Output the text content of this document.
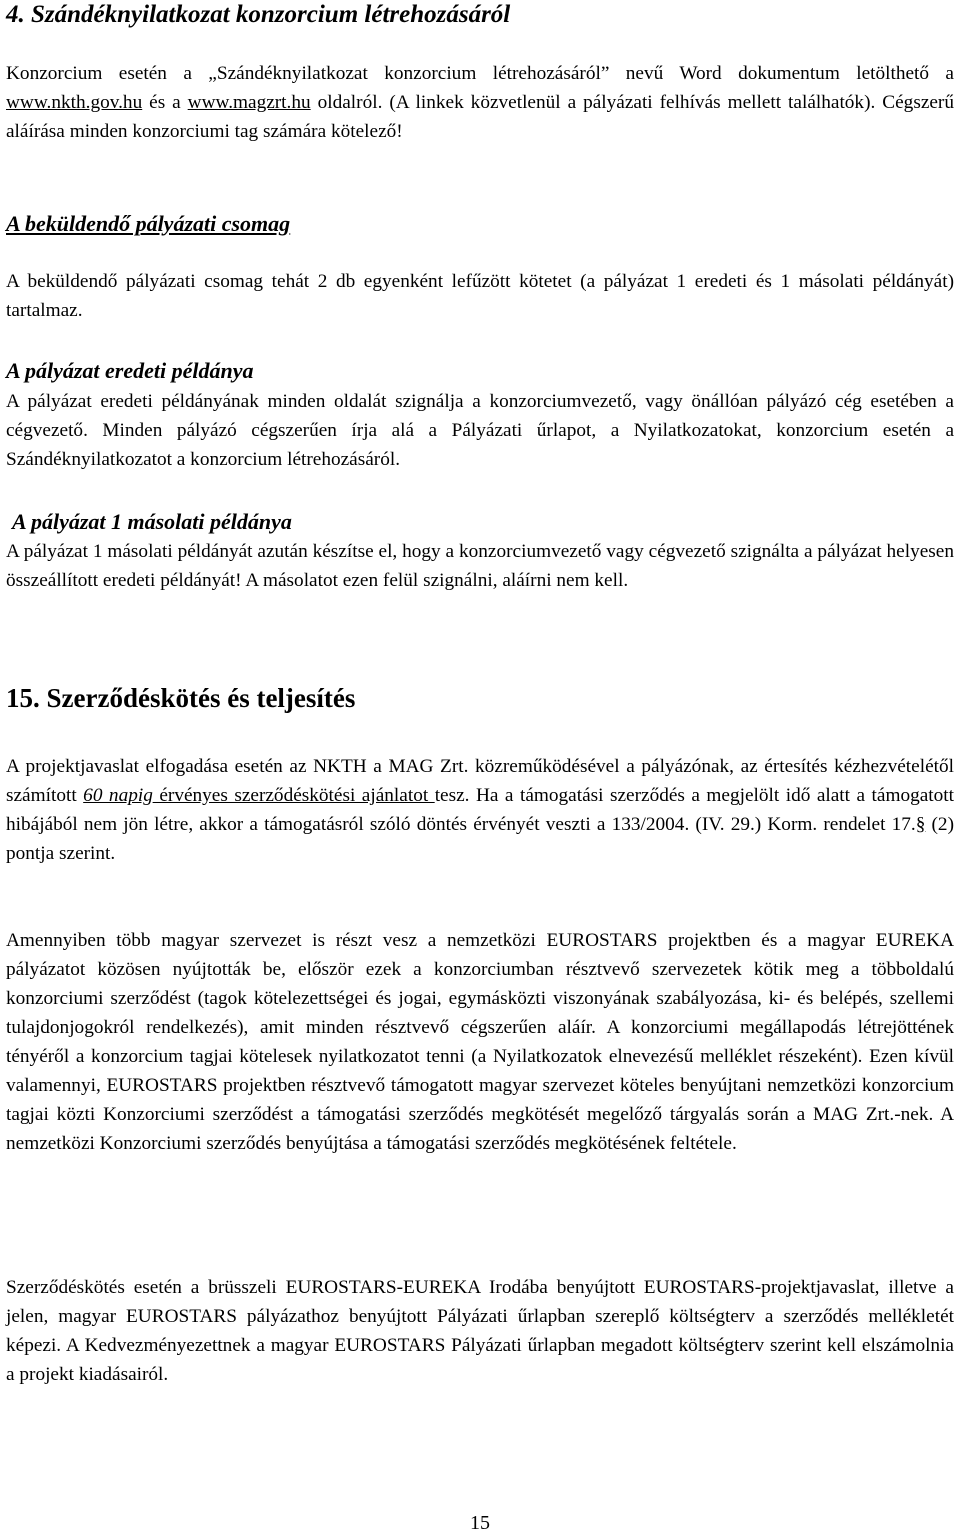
4. Szándéknyilatkozat konzorcium létrehozásáról

Konzorcium esetén a „Szándéknyilatkozat konzorcium létrehozásáról” nevű Word dokumentum letölthető a www.nkth.gov.hu és a www.magzrt.hu oldalról. (A linkek közvetlenül a pályázati felhívás mellett találhatók). Cégszerű aláírása minden konzorciumi tag számára kötelező!

A beküldendő pályázati csomag

A beküldendő pályázati csomag tehát 2 db egyenként lefűzött kötetet (a pályázat 1 eredeti és 1 másolati példányát) tartalmaz.

A pályázat eredeti példánya

A pályázat eredeti példányának minden oldalát szignálja a konzorciumvezető, vagy önállóan pályázó cég esetében a cégvezető. Minden pályázó cégszerűen írja alá a Pályázati űrlapot, a Nyilatkozatokat, konzorcium esetén a Szándéknyilatkozatot a konzorcium létrehozásáról.

A pályázat 1 másolati példánya

A pályázat 1 másolati példányát azután készítse el, hogy a konzorciumvezető vagy cégvezető szignálta a pályázat helyesen összeállított eredeti példányát! A másolatot ezen felül szignálni, aláírni nem kell.

15. Szerződéskötés és teljesítés

A projektjavaslat elfogadása esetén az NKTH a MAG Zrt. közreműködésével a pályázónak, az értesítés kézhezvételétől számított 60 napig érvényes szerződéskötési ajánlatot tesz. Ha a támogatási szerződés a megjelölt idő alatt a támogatott hibájából nem jön létre, akkor a támogatásról szóló döntés érvényét veszti a 133/2004. (IV. 29.) Korm. rendelet 17.§ (2) pontja szerint.

Amennyiben több magyar szervezet is részt vesz a nemzetközi EUROSTARS projektben és a magyar EUREKA pályázatot közösen nyújtották be, először ezek a konzorciumban résztvevő szervezetek kötik meg a többoldalú konzorciumi szerződést (tagok kötelezettségei és jogai, egymásközti viszonyának szabályozása, ki- és belépés, szellemi tulajdonjogokról rendelkezés), amit minden résztvevő cégszerűen aláír. A konzorciumi megállapodás létrejöttének tényéről a konzorcium tagjai kötelesek nyilatkozatot tenni (a Nyilatkozatok elnevezésű melléklet részeként). Ezen kívül valamennyi, EUROSTARS projektben résztvevő támogatott magyar szervezet köteles benyújtani nemzetközi konzorcium tagjai közti Konzorciumi szerződést a támogatási szerződés megkötését megelőző tárgyalás során a MAG Zrt.-nek. A nemzetközi Konzorciumi szerződés benyújtása a támogatási szerződés megkötésének feltétele.

Szerződéskötés esetén a brüsszeli EUROSTARS-EUREKA Irodába benyújtott EUROSTARS-projektjavaslat, illetve a jelen, magyar EUROSTARS pályázathoz benyújtott Pályázati űrlapban szereplő költségterv a szerződés mellékletét képezi. A Kedvezményezettnek a magyar EUROSTARS Pályázati űrlapban megadott költségterv szerint kell elszámolnia a projekt kiadásairól.

15
